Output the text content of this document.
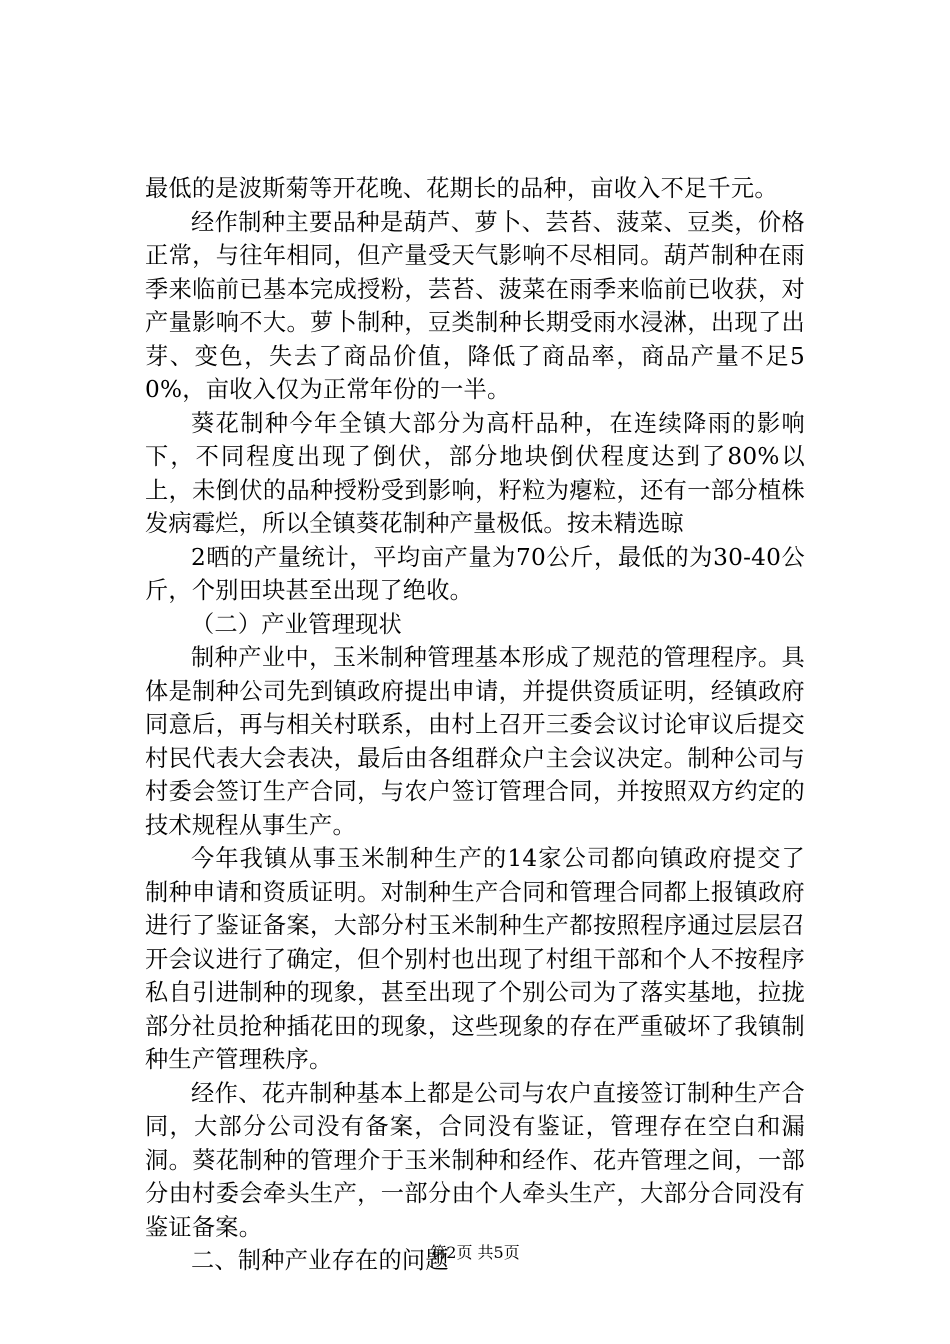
最低的是波斯菊等开花晚、花期长的品种，亩收入不足千元。

经作制种主要品种是葫芦、萝卜、芸苔、菠菜、豆类，价格正常，与往年相同，但产量受天气影响不尽相同。葫芦制种在雨季来临前已基本完成授粉，芸苔、菠菜在雨季来临前已收获，对产量影响不大。萝卜制种，豆类制种长期受雨水浸淋，出现了出芽、变色，失去了商品价值，降低了商品率，商品产量不足50%，亩收入仅为正常年份的一半。

葵花制种今年全镇大部分为高杆品种，在连续降雨的影响下，不同程度出现了倒伏，部分地块倒伏程度达到了80%以上，未倒伏的品种授粉受到影响，籽粒为瘪粒，还有一部分植株发病霉烂，所以全镇葵花制种产量极低。按未精选晾

2晒的产量统计，平均亩产量为70公斤，最低的为30-40公斤，个别田块甚至出现了绝收。

（二）产业管理现状

制种产业中，玉米制种管理基本形成了规范的管理程序。具体是制种公司先到镇政府提出申请，并提供资质证明，经镇政府同意后，再与相关村联系，由村上召开三委会议讨论审议后提交村民代表大会表决，最后由各组群众户主会议决定。制种公司与村委会签订生产合同，与农户签订管理合同，并按照双方约定的技术规程从事生产。

今年我镇从事玉米制种生产的14家公司都向镇政府提交了制种申请和资质证明。对制种生产合同和管理合同都上报镇政府进行了鉴证备案，大部分村玉米制种生产都按照程序通过层层召开会议进行了确定，但个别村也出现了村组干部和个人不按程序私自引进制种的现象，甚至出现了个别公司为了落实基地，拉拢部分社员抢种插花田的现象，这些现象的存在严重破坏了我镇制种生产管理秩序。

经作、花卉制种基本上都是公司与农户直接签订制种生产合同，大部分公司没有备案，合同没有鉴证，管理存在空白和漏洞。葵花制种的管理介于玉米制种和经作、花卉管理之间，一部分由村委会牵头生产，一部分由个人牵头生产，大部分合同没有鉴证备案。

二、制种产业存在的问题

第2页 共5页
